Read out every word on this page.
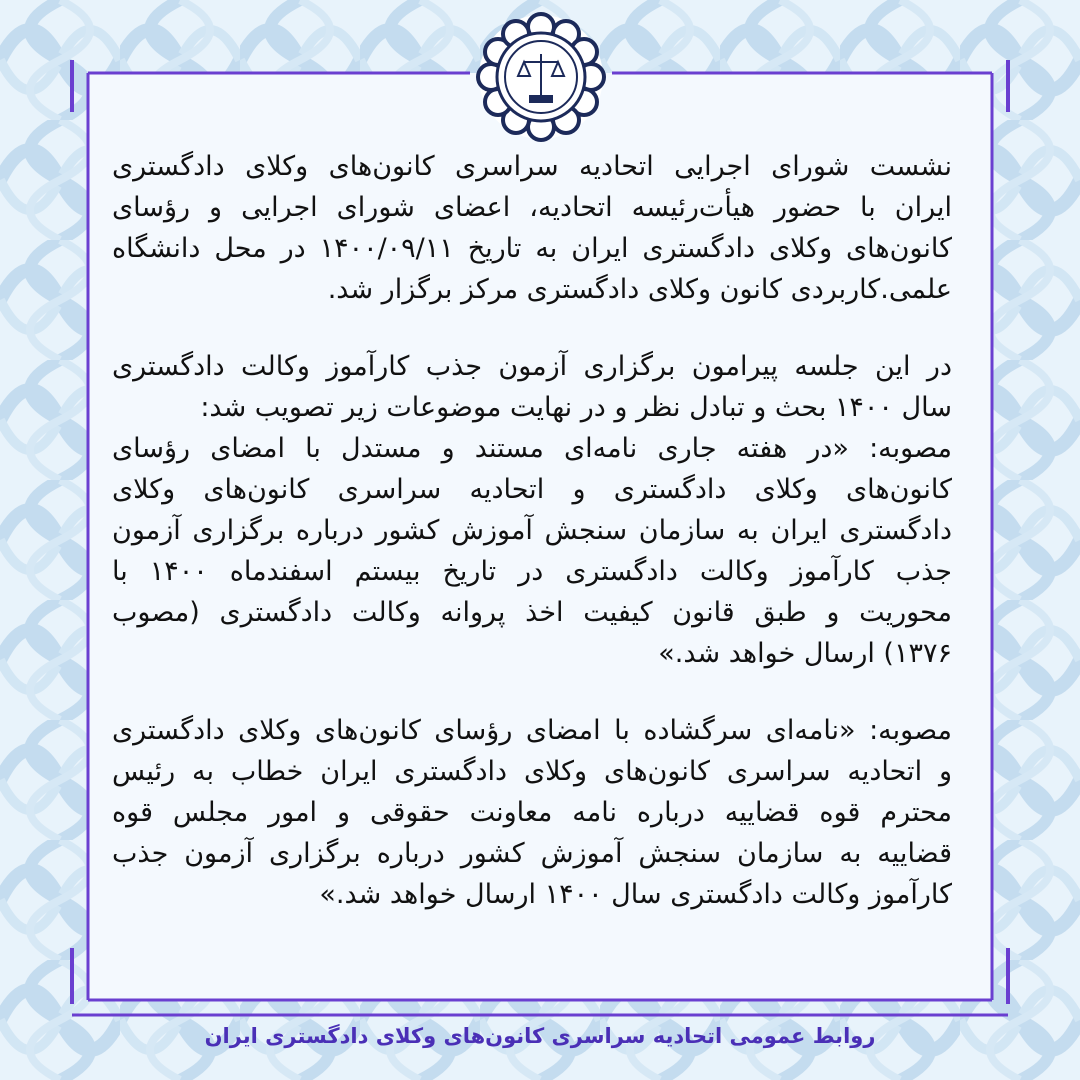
نشست شورای اجرایی اتحادیه سراسری کانون‌های وکلای دادگستری
ایران با حضور هیأت‌رئیسه اتحادیه، اعضای شورای اجرایی و رؤسای
کانون‌های وکلای دادگستری ایران به تاریخ ۱۴۰۰/۰۹/۱۱ در محل دانشگاه
علمی.کاربردی کانون وکلای دادگستری مرکز برگزار شد.

در این جلسه پیرامون برگزاری آزمون جذب کارآموز وکالت دادگستری
سال ۱۴۰۰ بحث و تبادل نظر و در نهایت موضوعات زیر تصویب شد:
مصوبه: «در هفته جاری نامه‌ای مستند و مستدل با امضای رؤسای
کانون‌های وکلای دادگستری و اتحادیه سراسری کانون‌های وکلای
دادگستری ایران به سازمان سنجش آموزش کشور درباره برگزاری آزمون
جذب کارآموز وکالت دادگستری در تاریخ بیستم اسفندماه ۱۴۰۰ با
محوریت و طبق قانون کیفیت اخذ پروانه وکالت دادگستری (مصوب
۱۳۷۶) ارسال خواهد شد.»

مصوبه: «نامه‌ای سرگشاده با امضای رؤسای کانون‌های وکلای دادگستری
و اتحادیه سراسری کانون‌های وکلای دادگستری ایران خطاب به رئیس
محترم قوه قضاییه درباره نامه معاونت حقوقی و امور مجلس قوه
قضاییه به سازمان سنجش آموزش کشور درباره برگزاری آزمون جذب
کارآموز وکالت دادگستری سال ۱۴۰۰ ارسال خواهد شد.»

روابط عمومی اتحادیه سراسری کانون‌های وکلای دادگستری ایران
